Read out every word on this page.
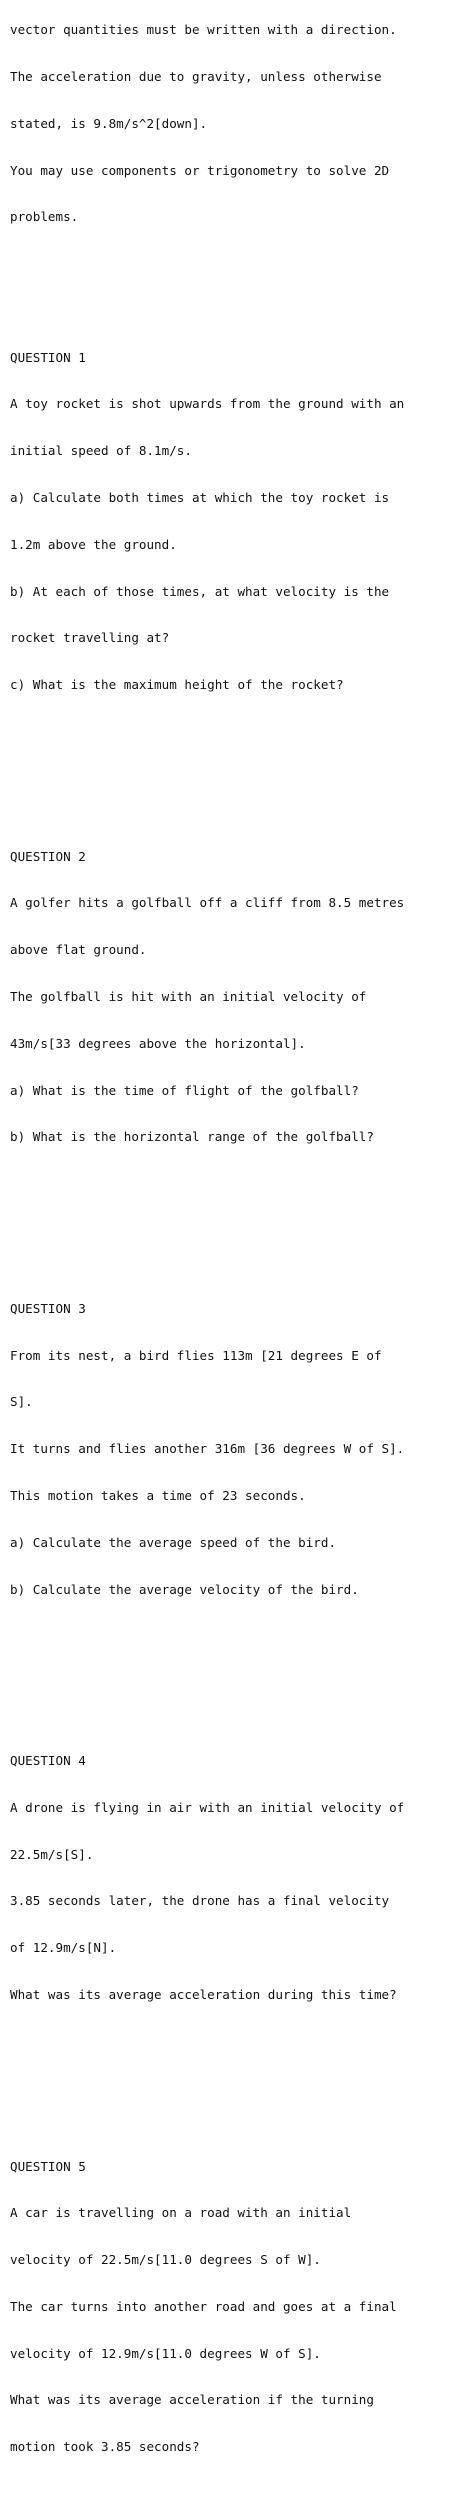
vector quantities must be written with a direction.

The acceleration due to gravity, unless otherwise

stated, is 9.8m/s^2[down].

You may use components or trigonometry to solve 2D

problems.

QUESTION 1

A toy rocket is shot upwards from the ground with an

initial speed of 8.1m/s.

a) Calculate both times at which the toy rocket is

1.2m above the ground.

b) At each of those times, at what velocity is the

rocket travelling at?

c) What is the maximum height of the rocket?

QUESTION 2

A golfer hits a golfball off a cliff from 8.5 metres

above flat ground.

The golfball is hit with an initial velocity of

43m/s[33 degrees above the horizontal].

a) What is the time of flight of the golfball?

b) What is the horizontal range of the golfball?

QUESTION 3

From its nest, a bird flies 113m [21 degrees E of

S].

It turns and flies another 316m [36 degrees W of S].

This motion takes a time of 23 seconds.

a) Calculate the average speed of the bird.

b) Calculate the average velocity of the bird.

QUESTION 4

A drone is flying in air with an initial velocity of

22.5m/s[S].

3.85 seconds later, the drone has a final velocity

of 12.9m/s[N].

What was its average acceleration during this time?

QUESTION 5

A car is travelling on a road with an initial

velocity of 22.5m/s[11.0 degrees S of W].

The car turns into another road and goes at a final

velocity of 12.9m/s[11.0 degrees W of S].

What was its average acceleration if the turning

motion took 3.85 seconds?
